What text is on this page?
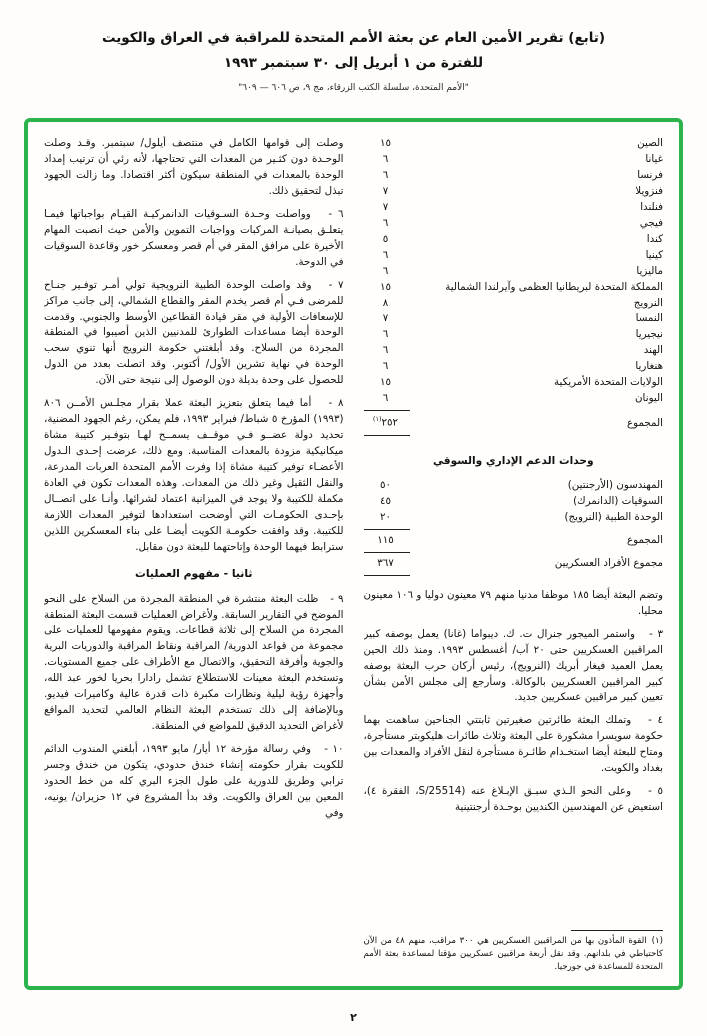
(تابع) تقرير الأمين العام عن بعثة الأمم المتحدة للمراقبة في العراق والكويت
للفترة من ١ أبريل إلى ٣٠ سبتمبر ١٩٩٣
"الأمم المتحدة، سلسلة الكتب الزرقاء، مج ٩، ص ٦٠٦ — ٦٠٩"
الصين
١٥
غيانا
٦
فرنسا
٦
فنزويلا
٧
فنلندا
٧
فيجي
٦
كندا
٥
كينيا
٦
ماليزيا
٦
المملكة المتحدة لبريطانيا العظمى وآيرلندا الشمالية
١٥
النرويج
٨
النمسا
٧
نيجيريا
٦
الهند
٦
هنغاريا
٦
الولايات المتحدة الأمريكية
١٥
اليونان
٦
المجموع
٢٥٢$^{(١)}$
وحدات الدعم الإداري والسوقي
المهندسون (الأرجنتين)
٥٠
السوقيات (الدانمرك)
٤٥
الوحدة الطبية (النرويج)
٢٠
المجموع
١١٥
مجموع الأفراد العسكريين
٣٦٧

وتضم البعثة أيضا ١٨٥ موظفا مدنيا منهم ٧٩ معينون دوليا و ١٠٦ معينون محليا.

٣ -   واستمر الميجور جنرال ت. ك. ديبواما (غانا) يعمل بوصفه كبير المراقبين العسكريين حتى ٢٠ آب/ أغسطس ١٩٩٣. ومنذ ذلك الحين يعمل العميد فيغار أبريك (النرويج)، رئيس أركان حرب البعثة بوصفه كبير المراقبين العسكريين بالوكالة. وسأرجع إلى مجلس الأمن بشأن تعيين كبير مراقبين عسكريين جديد.

٤ -   وتملك البعثة طائرتين صغيرتين ثابتتي الجناحين ساهمت بهما حكومة سويسرا مشكورة على البعثة وثلاث طائرات هليكوبتر مستأجرة، ومتاح للبعثة أيضا استخـدام طائـرة مستأجرة لنقل الأفراد والمعدات بين بغداد والكويت.

٥ -   وعلى النحو الـذي سبـق الإبـلاغ عنه (S/25514، الفقرة ٤)، استعيض عن المهندسين الكنديين بوحـدة أرجنتينية

(١)القوة المأذون بها من المراقبين العسكريين هي ٣٠٠ مراقب، منهم ٤٨ من الآن كاحتياطي في بلدانهم. وقد نقل أربعة مراقبين عسكريين مؤقتا لمساعدة بعثة الأمم المتحدة للمساعدة في جورجيا.

وصلت إلى قوامها الكامل في منتصف أيلول/ سبتمبر. وقـد وصلت الوحـدة دون كثـير من المعدات التي تحتاجها، لأنه رئي أن ترتيب إمداد الوحدة بالمعدات في المنطقة سيكون أكثر اقتصادا. وما زالت الجهود تبذل لتحقيق ذلك.

٦ -   وواصلت وحـدة السـوقيات الدانمركيـة القيـام بواجباتها فيمـا يتعلـق بصيانـة المركبات وواجبات التموين والأمن حيث انصبت المهام الأخيرة على مرافق المقر في أم قصر ومعسكر خور وقاعدة السوقيات في الدوحة.

٧ -   وقد واصلت الوحدة الطبية النرويجية تولي أمـر توفـير جنـاح للمرضى فـي أم قصر يخدم المقر والقطاع الشمالي، إلى جانب مراكز للإسعافات الأولية في مقر قيادة القطاعين الأوسط والجنوبي. وقدمت الوحدة أيضا مساعدات الطوارئ للمدنيين الذين أصيبوا في المنطقة المجردة من السلاح. وقد أبلغتني حكومة النرويج أنها تنوي سحب الوحدة في نهاية تشرين الأول/ أكتوبر. وقد اتصلت بعدد من الدول للحصول على وحدة بديلة دون الوصول إلى نتيجة حتى الآن.

٨ -   أما فيما يتعلق بتعزيز البعثة عملا بقرار مجلـس الأمــن ٨٠٦ (١٩٩٣) المؤرخ ٥ شباط/ فبراير ١٩٩٣، فلم يمكن، رغم الجهود المضنية، تحديد دولة عضــو فـي موقــف يسمــح لهـا بتوفـير كتيبة مشاة ميكانيكية مزودة بالمعدات المناسبة. ومع ذلك، عرضت إحـدى الـدول الأعضـاء توفير كتيبة مشاة إذا وفرت الأمم المتحدة العربات المدرعة، والنقل الثقيل وغير ذلك من المعدات. وهذه المعدات تكون في العادة مكملة للكتيبة ولا يوجد في الميزانية اعتماد لشرائها. وأنـا على اتصــال بإحـدى الحكومـات التي أوضحت استعدادها لتوفير المعدات اللازمة للكتيبة. وقد وافقت حكومـة الكويت أيضـا على بناء المعسكرين اللذين سترابط فيهما الوحدة وإتاحتهما للبعثة دون مقابل.

ثانيا - مفهوم العمليات

٩ -   ظلت البعثة منتشرة في المنطقة المجردة من السلاح على النحو الموضح في التقارير السابقة. ولأغراض العمليات قسمت البعثة المنطقة المجردة من السلاح إلى ثلاثة قطاعات. ويقوم مفهومها للعمليات على مجموعة من قواعد الدورية/ المراقبة ونقاط المراقبة والدوريات البرية والجوية وأفرقة التحقيق، والاتصال مع الأطراف على جميع المستويات. وتستخدم البعثة معينات للاستطلاع تشمل رادارا بحريا لخور عبد الله، وأجهزة رؤية ليلية ونظارات مكبرة ذات قدرة عالية وكاميرات فيديو. وبالإضافة إلى ذلك تستخدم البعثة النظام العالمي لتحديد المواقع لأغراض التحديد الدقيق للمواضع في المنطقة.

١٠ -   وفي رسالة مؤرخة ١٢ أيار/ مايو ١٩٩٣، أبلغني المندوب الدائم للكويت بقرار حكومته إنشاء خندق حدودي، يتكون من خندق وجسر ترابي وطريق للدورية على طول الجزء البري كله من خط الحدود المعين بين العراق والكويت. وقد بدأ المشروع في ١٢ حزيران/ يونيه، وفي

٢
